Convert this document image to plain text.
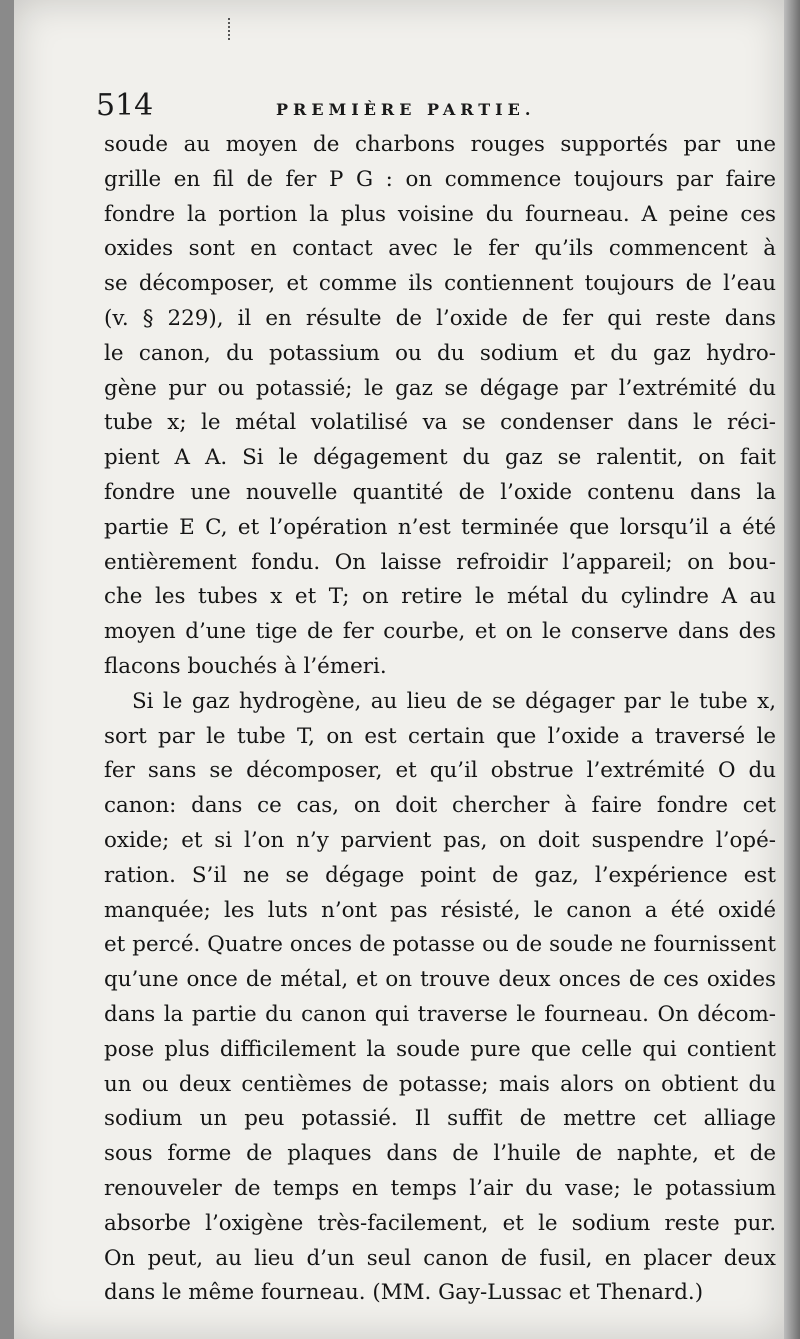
514	PREMIÈRE PARTIE.
soude au moyen de charbons rouges supportés par une
grille en fil de fer P G : on commence toujours par faire
fondre la portion la plus voisine du fourneau. A peine ces
oxides sont en contact avec le fer qu’ils commencent à
se décomposer, et comme ils contiennent toujours de l’eau
(v. § 229), il en résulte de l’oxide de fer qui reste dans
le canon, du potassium ou du sodium et du gaz hydro-
gène pur ou potassié; le gaz se dégage par l’extrémité du
tube x; le métal volatilisé va se condenser dans le réci-
pient A A. Si le dégagement du gaz se ralentit, on fait
fondre une nouvelle quantité de l’oxide contenu dans la
partie E C, et l’opération n’est terminée que lorsqu’il a été
entièrement fondu. On laisse refroidir l’appareil; on bou-
che les tubes x et T; on retire le métal du cylindre A au
moyen d’une tige de fer courbe, et on le conserve dans des
flacons bouchés à l’émeri.
Si le gaz hydrogène, au lieu de se dégager par le tube x,
sort par le tube T, on est certain que l’oxide a traversé le
fer sans se décomposer, et qu’il obstrue l’extrémité O du
canon: dans ce cas, on doit chercher à faire fondre cet
oxide; et si l’on n’y parvient pas, on doit suspendre l’opé-
ration. S’il ne se dégage point de gaz, l’expérience est
manquée; les luts n’ont pas résisté, le canon a été oxidé
et percé. Quatre onces de potasse ou de soude ne fournissent
qu’une once de métal, et on trouve deux onces de ces oxides
dans la partie du canon qui traverse le fourneau. On décom-
pose plus difficilement la soude pure que celle qui contient
un ou deux centièmes de potasse; mais alors on obtient du
sodium un peu potassié. Il suffit de mettre cet alliage
sous forme de plaques dans de l’huile de naphte, et de
renouveler de temps en temps l’air du vase; le potassium
absorbe l’oxigène très-facilement, et le sodium reste pur.
On peut, au lieu d’un seul canon de fusil, en placer deux
dans le même fourneau. (MM. Gay-Lussac et Thenard.)
